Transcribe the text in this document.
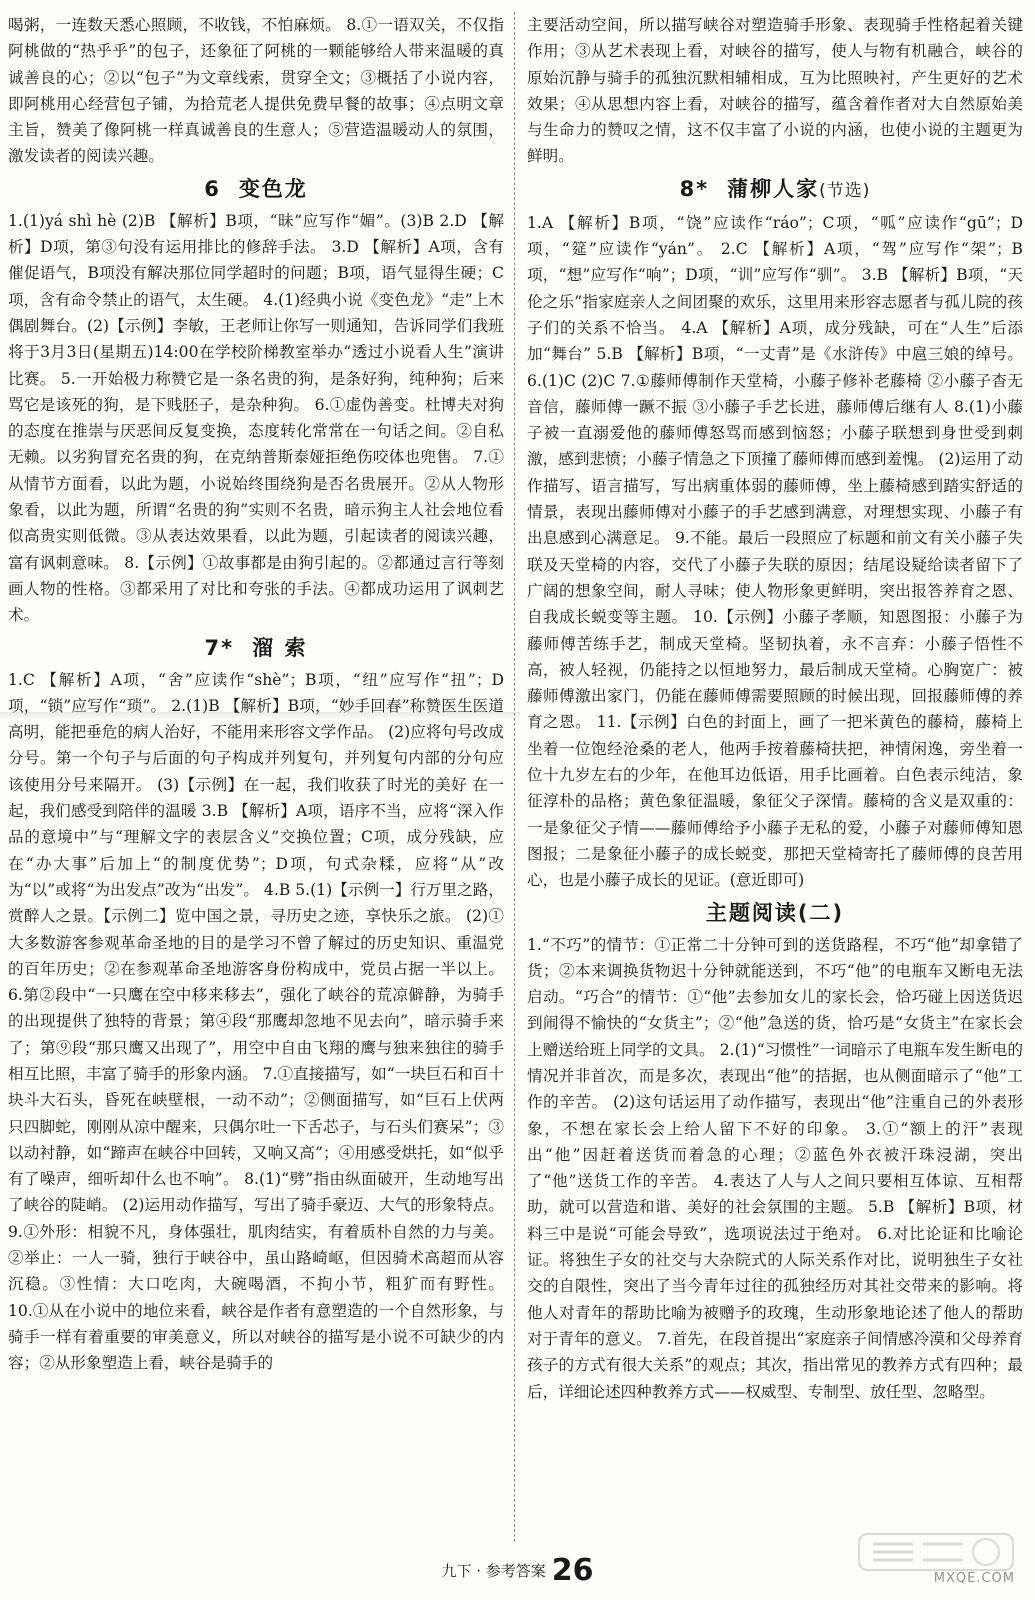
喝粥，一连数天悉心照顾，不收钱，不怕麻烦。 8.①一语双关，不仅指阿桃做的“热乎乎”的包子，还象征了阿桃的一颗能够给人带来温暖的真诚善良的心；②以“包子”为文章线索，贯穿全文；③概括了小说内容，即阿桃用心经营包子铺，为拾荒老人提供免费早餐的故事；④点明文章主旨，赞美了像阿桃一样真诚善良的生意人；⑤营造温暖动人的氛围，激发读者的阅读兴趣。

6 变色龙

1.(1)yá shì hè (2)B 【解析】B项，“昧”应写作“媚”。(3)B 2.D 【解析】D项，第③句没有运用排比的修辞手法。 3.D 【解析】A项，含有催促语气，B项没有解决那位同学超时的问题；B项，语气显得生硬；C项，含有命令禁止的语气，太生硬。 4.(1)经典小说《变色龙》“走”上木偶剧舞台。(2)【示例】李敏，王老师让你写一则通知，告诉同学们我班将于3月3日(星期五)14:00在学校阶梯教室举办“透过小说看人生”演讲比赛。 5.一开始极力称赞它是一条名贵的狗，是条好狗，纯种狗；后来骂它是该死的狗，是下贱胚子，是杂种狗。 6.①虚伪善变。杜博夫对狗的态度在推崇与厌恶间反复变换，态度转化常常在一句话之间。②自私无赖。以劣狗冒充名贵的狗，在克纳普斯泰娅拒绝伤咬体也兜售。 7.①从情节方面看，以此为题，小说始终围绕狗是否名贵展开。②从人物形象看，以此为题，所谓“名贵的狗”实则不名贵，暗示狗主人社会地位看似高贵实则低微。③从表达效果看，以此为题，引起读者的阅读兴趣，富有讽刺意味。 8.【示例】①故事都是由狗引起的。②都通过言行等刻画人物的性格。③都采用了对比和夸张的手法。④都成功运用了讽刺艺术。

7* 溜 索

1.C 【解析】A项，“舍”应读作“shè”；B项，“纽”应写作“扭”；D项，“锁”应写作“琐”。 2.(1)B 【解析】B项，“妙手回春”称赞医生医道高明，能把垂危的病人治好，不能用来形容文学作品。 (2)应将句号改成分号。第一个句子与后面的句子构成并列复句，并列复句内部的分句应该使用分号来隔开。 (3)【示例】在一起，我们收获了时光的美好 在一起，我们感受到陪伴的温暖 3.B 【解析】A项，语序不当，应将“深入作品的意境中”与“理解文字的表层含义”交换位置；C项，成分残缺，应在“办大事”后加上“的制度优势”；D项，句式杂糅，应将“从”改为“以”或将“为出发点”改为“出发”。 4.B 5.(1)【示例一】行万里之路，赏醉人之景。【示例二】览中国之景，寻历史之迹，享快乐之旅。 (2)①大多数游客参观革命圣地的目的是学习不曾了解过的历史知识、重温党的百年历史；②在参观革命圣地游客身份构成中，党员占据一半以上。 6.第②段中“一只鹰在空中移来移去”，强化了峡谷的荒凉僻静，为骑手的出现提供了独特的背景；第④段“那鹰却忽地不见去向”，暗示骑手来了；第⑨段“那只鹰又出现了”，用空中自由飞翔的鹰与独来独往的骑手相互比照，丰富了骑手的形象内涵。 7.①直接描写，如“一块巨石和百十块斗大石头，昏死在峡壁根，一动不动”；②侧面描写，如“巨石上伏两只四脚蛇，刚刚从凉中醒来，只偶尔吐一下舌芯子，与石头们赛呆”；③以动衬静，如“蹄声在峡谷中回转，又响又高”；④用感受烘托，如“似乎有了噪声，细听却什么也不响”。 8.(1)“劈”指由纵面破开，生动地写出了峡谷的陡峭。 (2)运用动作描写，写出了骑手豪迈、大气的形象特点。 9.①外形：相貌不凡，身体强壮，肌肉结实，有着质朴自然的力与美。②举止：一人一骑，独行于峡谷中，虽山路崎岖，但因骑术高超而从容沉稳。③性情：大口吃肉，大碗喝酒，不拘小节，粗犷而有野性。 10.①从在小说中的地位来看，峡谷是作者有意塑造的一个自然形象，与骑手一样有着重要的审美意义，所以对峡谷的描写是小说不可缺少的内容；②从形象塑造上看，峡谷是骑手的

主要活动空间，所以描写峡谷对塑造骑手形象、表现骑手性格起着关键作用；③从艺术表现上看，对峡谷的描写，使人与物有机融合，峡谷的原始沉静与骑手的孤独沉默相辅相成，互为比照映衬，产生更好的艺术效果；④从思想内容上看，对峡谷的描写，蕴含着作者对大自然原始美与生命力的赞叹之情，这不仅丰富了小说的内涵，也使小说的主题更为鲜明。

8* 蒲柳人家(节选)

1.A 【解析】B项，“饶”应读作“ráo”；C项，“呱”应读作“gū”；D项，“筵”应读作“yán”。 2.C 【解析】A项，“驾”应写作“架”；B项，“想”应写作“响”；D项，“训”应写作“驯”。 3.B 【解析】B项，“天伦之乐”指家庭亲人之间团聚的欢乐，这里用来形容志愿者与孤儿院的孩子们的关系不恰当。 4.A 【解析】A项，成分残缺，可在“人生”后添加“舞台” 5.B 【解析】B项，“一丈青”是《水浒传》中扈三娘的绰号。 6.(1)C (2)C 7.①藤师傅制作天堂椅，小藤子修补老藤椅 ②小藤子杳无音信，藤师傅一蹶不振 ③小藤子手艺长进，藤师傅后继有人 8.(1)小藤子被一直溺爱他的藤师傅怒骂而感到恼怒；小藤子联想到身世受到刺激，感到悲愤；小藤子情急之下顶撞了藤师傅而感到羞愧。 (2)运用了动作描写、语言描写，写出病重体弱的藤师傅，坐上藤椅感到踏实舒适的情景，表现出藤师傅对小藤子的手艺感到满意，对理想实现、小藤子有出息感到心满意足。 9.不能。最后一段照应了标题和前文有关小藤子失联及天堂椅的内容，交代了小藤子失联的原因；结尾设疑给读者留下了广阔的想象空间，耐人寻味；使人物形象更鲜明，突出报答养育之恩、自我成长蜕变等主题。 10.【示例】小藤子孝顺，知恩图报：小藤子为藤师傅苦练手艺，制成天堂椅。坚韧执着，永不言弃：小藤子悟性不高，被人轻视，仍能持之以恒地努力，最后制成天堂椅。心胸宽广：被藤师傅激出家门，仍能在藤师傅需要照顾的时候出现，回报藤师傅的养育之恩。 11.【示例】白色的封面上，画了一把米黄色的藤椅，藤椅上坐着一位饱经沧桑的老人，他两手按着藤椅扶把，神情闲逸，旁坐着一位十九岁左右的少年，在他耳边低语，用手比画着。白色表示纯洁，象征淳朴的品格；黄色象征温暖，象征父子深情。藤椅的含义是双重的：一是象征父子情——藤师傅给予小藤子无私的爱，小藤子对藤师傅知恩图报；二是象征小藤子的成长蜕变，那把天堂椅寄托了藤师傅的良苦用心，也是小藤子成长的见证。(意近即可)

主题阅读(二)

1.“不巧”的情节：①正常二十分钟可到的送货路程，不巧“他”却拿错了货；②本来调换货物迟十分钟就能送到，不巧“他”的电瓶车又断电无法启动。“巧合”的情节：①“他”去参加女儿的家长会，恰巧碰上因送货迟到闹得不愉快的“女货主”；②“他”急送的货，恰巧是“女货主”在家长会上赠送给班上同学的文具。 2.(1)“习惯性”一词暗示了电瓶车发生断电的情况并非首次，而是多次，表现出“他”的拮据，也从侧面暗示了“他”工作的辛苦。 (2)这句话运用了动作描写，表现出“他”注重自己的外表形象，不想在家长会上给人留下不好的印象。 3.①“额上的汗”表现出“他”因赶着送货而着急的心理；②蓝色外衣被汗珠浸湖，突出了“他”送货工作的辛苦。 4.表达了人与人之间只要相互体谅、互相帮助，就可以营造和谐、美好的社会氛围的主题。 5.B 【解析】B项，材料三中是说“可能会导致”，选项说法过于绝对。 6.对比论证和比喻论证。将独生子女的社交与大杂院式的人际关系作对比，说明独生子女社交的自限性，突出了当今青年过往的孤独经历对其社交带来的影响。将他人对青年的帮助比喻为被赠予的玫瑰，生动形象地论述了他人的帮助对于青年的意义。 7.首先，在段首提出“家庭亲子间情感冷漠和父母养育孩子的方式有很大关系”的观点；其次，指出常见的教养方式有四种；最后，详细论述四种教养方式——权威型、专制型、放任型、忽略型。

九下 · 参考答案 26	MXQE.COM
